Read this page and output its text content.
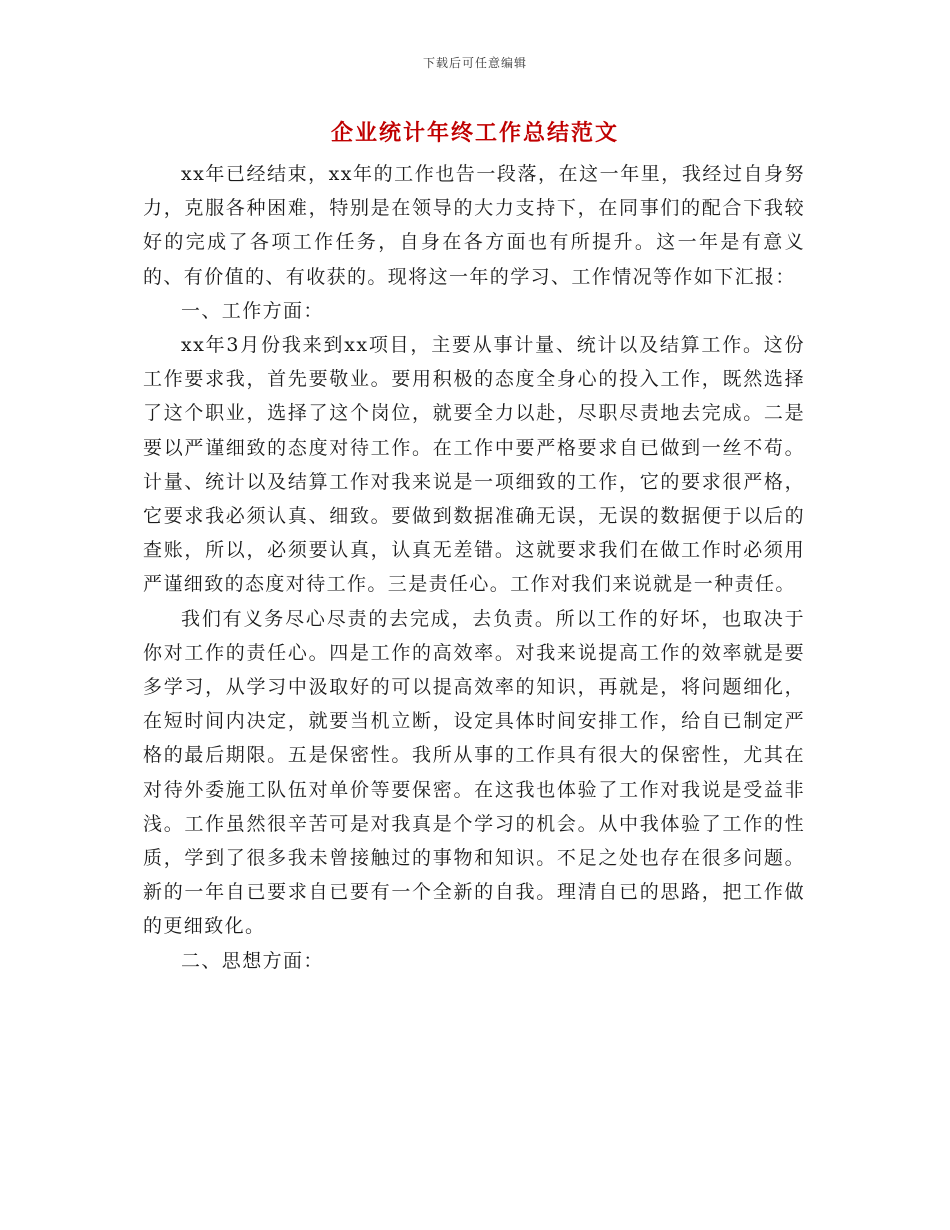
下载后可任意编辑
企业统计年终工作总结范文

xx年已经结束，xx年的工作也告一段落，在这一年里，我经过自身努力，克服各种困难，特别是在领导的大力支持下，在同事们的配合下我较好的完成了各项工作任务，自身在各方面也有所提升。这一年是有意义的、有价值的、有收获的。现将这一年的学习、工作情况等作如下汇报：

一、工作方面：

xx年3月份我来到xx项目，主要从事计量、统计以及结算工作。这份工作要求我，首先要敬业。要用积极的态度全身心的投入工作，既然选择了这个职业，选择了这个岗位，就要全力以赴，尽职尽责地去完成。二是要以严谨细致的态度对待工作。在工作中要严格要求自已做到一丝不苟。计量、统计以及结算工作对我来说是一项细致的工作，它的要求很严格，它要求我必须认真、细致。要做到数据准确无误，无误的数据便于以后的查账，所以，必须要认真，认真无差错。这就要求我们在做工作时必须用严谨细致的态度对待工作。三是责任心。工作对我们来说就是一种责任。

我们有义务尽心尽责的去完成，去负责。所以工作的好坏，也取决于你对工作的责任心。四是工作的高效率。对我来说提高工作的效率就是要多学习，从学习中汲取好的可以提高效率的知识，再就是，将问题细化，在短时间内决定，就要当机立断，设定具体时间安排工作，给自已制定严格的最后期限。五是保密性。我所从事的工作具有很大的保密性，尤其在对待外委施工队伍对单价等要保密。在这我也体验了工作对我说是受益非浅。工作虽然很辛苦可是对我真是个学习的机会。从中我体验了工作的性质，学到了很多我未曾接触过的事物和知识。不足之处也存在很多问题。新的一年自已要求自已要有一个全新的自我。理清自已的思路，把工作做的更细致化。

二、思想方面：
